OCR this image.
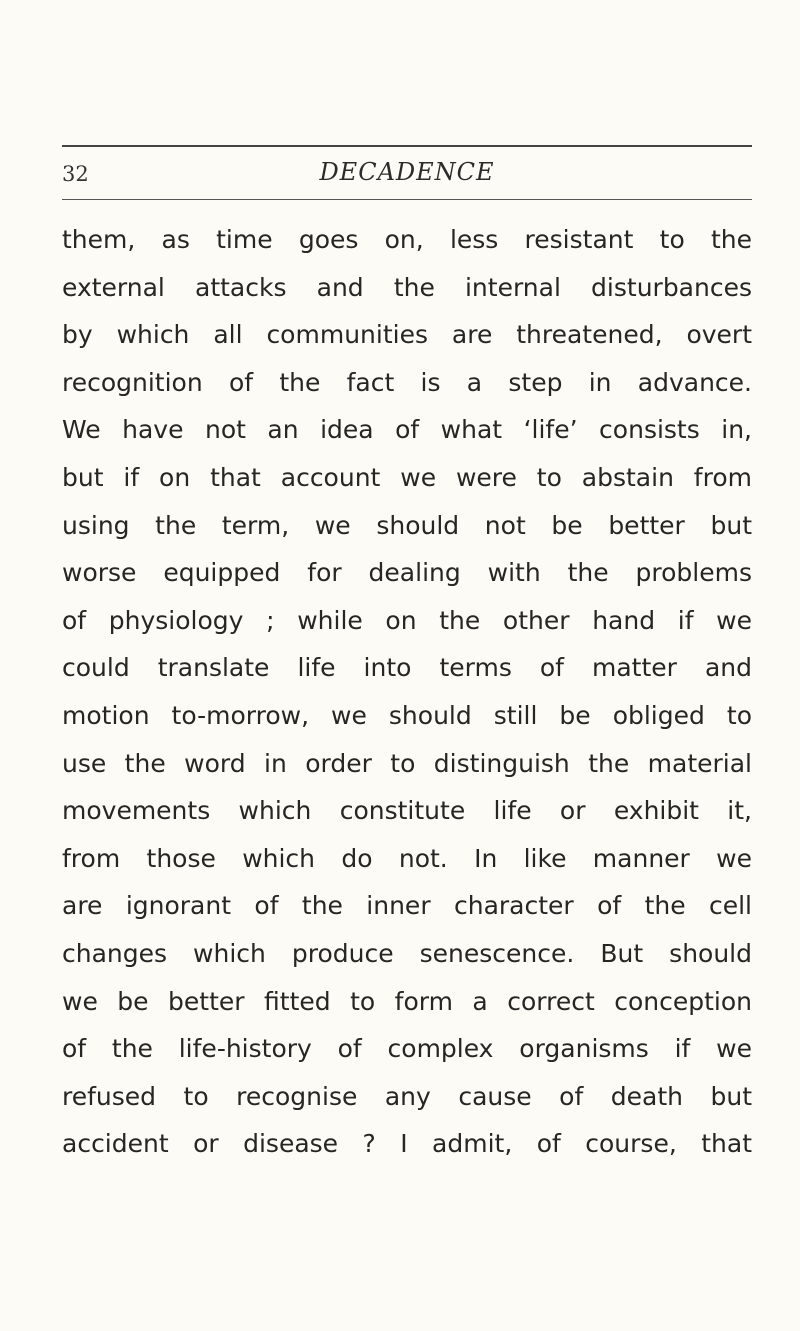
32	DECADENCE
them, as time goes on, less resistant to the
external attacks and the internal disturbances
by which all communities are threatened, overt
recognition of the fact is a step in advance.
We have not an idea of what ‘life’ consists in,
but if on that account we were to abstain from
using the term, we should not be better but
worse equipped for dealing with the problems
of physiology ; while on the other hand if we
could translate life into terms of matter and
motion to-morrow, we should still be obliged to
use the word in order to distinguish the material
movements which constitute life or exhibit it,
from those which do not. In like manner we
are ignorant of the inner character of the cell
changes which produce senescence. But should
we be better fitted to form a correct conception
of the life-history of complex organisms if we
refused to recognise any cause of death but
accident or disease ? I admit, of course, that
